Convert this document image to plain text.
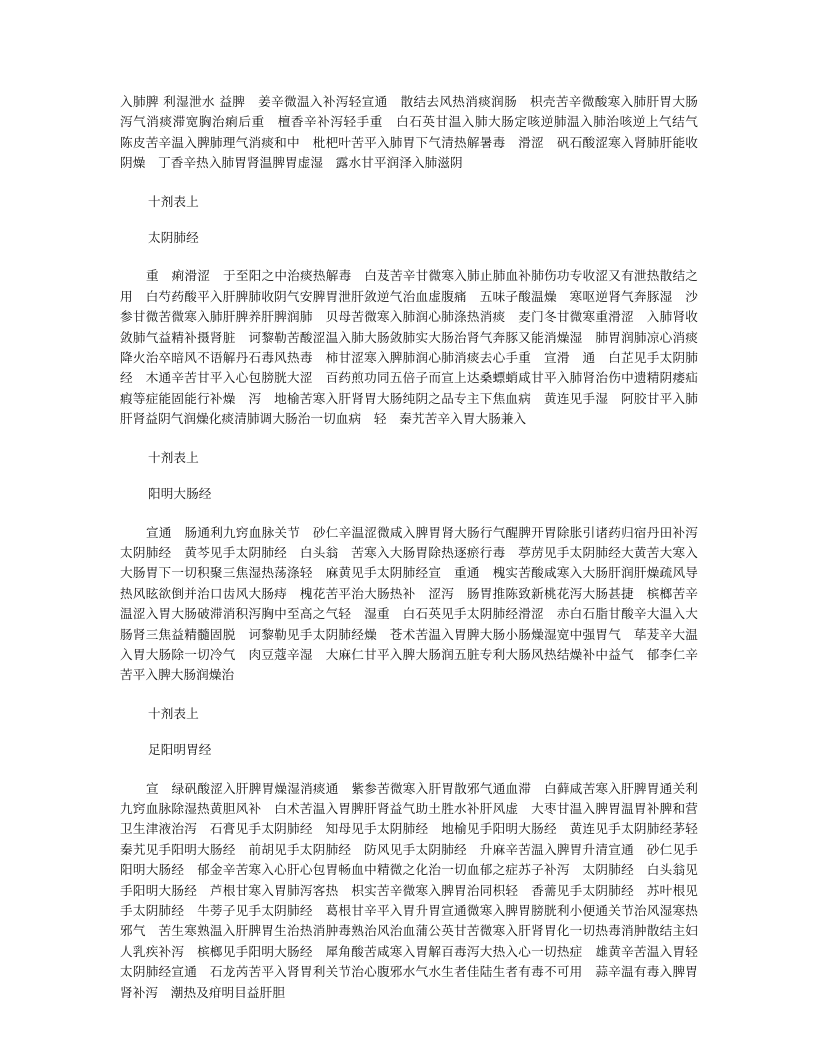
入肺脾 利湿泄水 益脾　姜辛微温入补泻轻宣通　散结去风热消痰润肠　枳壳苦辛微酸寒入肺肝胃大肠泻气消痰滞宽胸治痢后重　檀香辛补泻轻手重　白石英甘温入肺大肠定咳逆肺温入肺治咳逆上气结气　陈皮苦辛温入脾肺理气消痰和中　枇杷叶苦平入肺胃下气清热解暑毒　滑涩　矾石酸涩寒入肾肺肝能收阴燥　丁香辛热入肺胃肾温脾胃虚湿　露水甘平润泽入肺滋阴

十剂表上

太阴肺经

重　痢滑涩　于至阳之中治痰热解毒　白芨苦辛甘微寒入肺止肺血补肺伤功专收涩又有泄热散结之用　白芍药酸平入肝脾肺收阴气安脾胃泄肝敛逆气治血虚腹痛　五味子酸温燥　寒呕逆肾气奔豚湿　沙参甘微苦微寒入肺肝脾养肝脾润肺　贝母苦微寒入肺润心肺涤热消痰　麦门冬甘微寒重滑涩　入肺肾收敛肺气益精补摄肾脏　诃黎勒苦酸涩温入肺大肠敛肺实大肠治肾气奔豚又能消燥湿　肺胃润肺凉心消痰降火治卒暗风不语解丹石毒风热毒　柿甘涩寒入脾肺润心肺消痰去心手重　宣滑　通　白芷见手太阴肺经　木通辛苦甘平入心包膀胱大涩　百药煎功同五倍子而宣上达桑螵蛸咸甘平入肺肾治伤中遗精阴痿疝瘕等症能固能行补燥　泻　地榆苦寒入肝肾胃大肠纯阴之品专主下焦血病　黄连见手湿　阿胶甘平入肺肝肾益阴气润燥化痰清肺调大肠治一切血病　轻　秦艽苦辛入胃大肠兼入

十剂表上

阳明大肠经

宣通　肠通利九窍血脉关节　砂仁辛温涩微咸入脾胃肾大肠行气醒脾开胃除胀引诸药归宿丹田补泻　太阴肺经　黄芩见手太阴肺经　白头翁　苦寒入大肠胃除热逐瘀行毒　葶苈见手太阴肺经大黄苦大寒入大肠胃下一切积聚三焦湿热荡涤轻　麻黄见手太阴肺经宣　重通　槐实苦酸咸寒入大肠肝润肝燥疏风导热风眩欲倒并治口齿风大肠痔　槐花苦平治大肠热补　涩泻　肠胃推陈致新桃花泻大肠甚捷　槟榔苦辛温涩入胃大肠破滞消积泻胸中至高之气轻　湿重　白石英见手太阴肺经滑涩　赤白石脂甘酸辛大温入大肠肾三焦益精髓固脱　诃黎勒见手太阴肺经燥　苍术苦温入胃脾大肠小肠燥湿宽中强胃气　荜茇辛大温入胃大肠除一切冷气　肉豆蔻辛湿　大麻仁甘平入脾大肠润五脏专利大肠风热结燥补中益气　郁李仁辛苦平入脾大肠润燥治

十剂表上

足阳明胃经

宣　绿矾酸涩入肝脾胃燥湿消痰通　紫参苦微寒入肝胃散邪气通血滞　白藓咸苦寒入肝脾胃通关利九窍血脉除湿热黄胆风补　白术苦温入胃脾肝肾益气助土胜水补肝风虚　大枣甘温入脾胃温胃补脾和营卫生津液治泻　石膏见手太阴肺经　知母见手太阴肺经　地榆见手阳明大肠经　黄连见手太阴肺经茅轻　秦艽见手阳明大肠经　前胡见手太阴肺经　防风见手太阴肺经　升麻辛苦温入脾胃升清宣通　砂仁见手阳明大肠经　郁金辛苦寒入心肝心包胃畅血中精微之化治一切血郁之症苏子补泻　太阴肺经　白头翁见手阳明大肠经　芦根甘寒入胃肺泻客热　枳实苦辛微寒入脾胃治同枳轻　香薷见手太阴肺经　苏叶根见手太阴肺经　牛蒡子见手太阴肺经　葛根甘辛平入胃升胃宣通微寒入脾胃膀胱利小便通关节治风湿寒热邪气　苦生寒熟温入肝脾胃生治热消肿毒熟治风治血蒲公英甘苦微寒入肝肾胃化一切热毒消肿散结主妇人乳疾补泻　槟榔见手阳明大肠经　犀角酸苦咸寒入胃解百毒泻大热入心一切热症　雄黄辛苦温入胃轻　太阴肺经宣通　石龙芮苦平入肾胃利关节治心腹邪水气水生者佳陆生者有毒不可用　蒜辛温有毒入脾胃肾补泻　潮热及疳明目益肝胆
